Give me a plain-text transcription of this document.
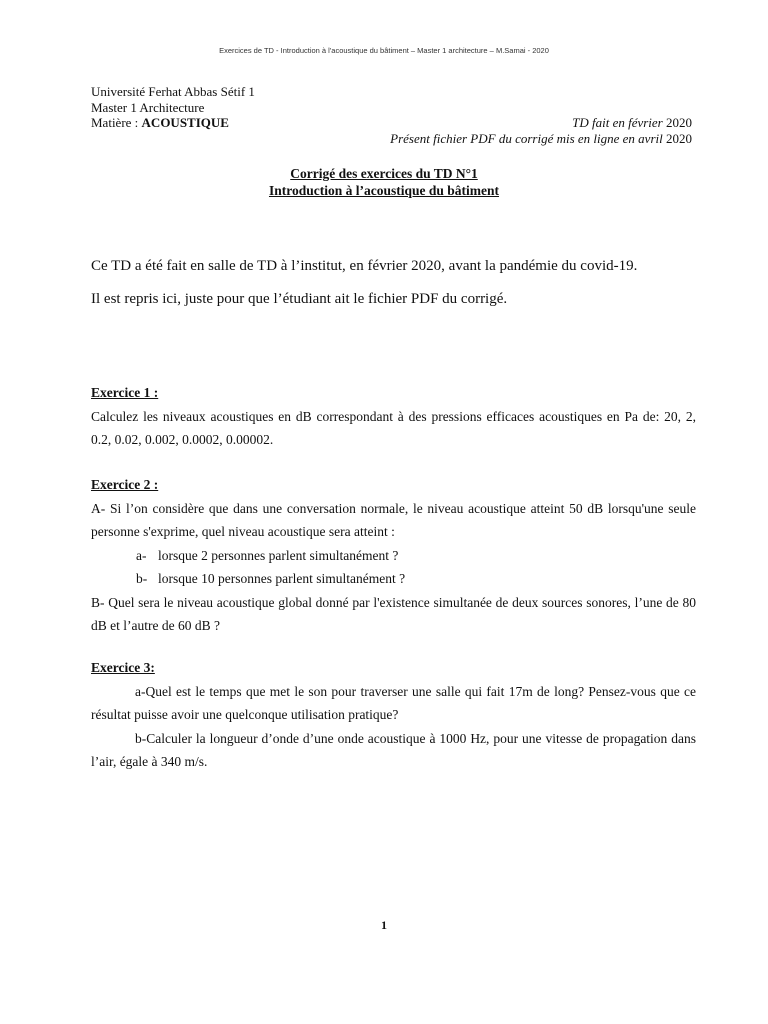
Exercices de TD - Introduction à l'acoustique du bâtiment – Master 1 architecture – M.Samai - 2020
Université Ferhat Abbas Sétif 1
Master 1 Architecture
Matière : ACOUSTIQUE	TD fait en février 2020
Présent fichier PDF du corrigé mis en ligne en avril 2020
Corrigé des exercices du TD N°1
Introduction à l’acoustique du bâtiment
Ce TD a été fait en salle de TD à l’institut, en février 2020, avant la pandémie du covid-19.
Il est repris ici, juste pour que l’étudiant ait le fichier PDF du corrigé.
Exercice 1 :
Calculez les niveaux acoustiques en dB correspondant à des pressions efficaces acoustiques en Pa de: 20, 2, 0.2, 0.02, 0.002, 0.0002, 0.00002.
Exercice 2 :
A- Si l’on considère que dans une conversation normale, le niveau acoustique atteint 50 dB lorsqu'une seule personne s'exprime, quel niveau acoustique sera atteint :
a- lorsque 2 personnes parlent simultanément ?
b- lorsque 10 personnes parlent simultanément ?
B- Quel sera le niveau acoustique global donné par l'existence simultanée de deux sources sonores, l’une de 80 dB et l’autre de 60 dB ?
Exercice 3:
a-Quel est le temps que met le son pour traverser une salle qui fait 17m de long? Pensez-vous que ce résultat puisse avoir une quelconque utilisation pratique?
b-Calculer la longueur d’onde d’une onde acoustique à 1000 Hz, pour une vitesse de propagation dans l’air, égale à 340 m/s.
1
